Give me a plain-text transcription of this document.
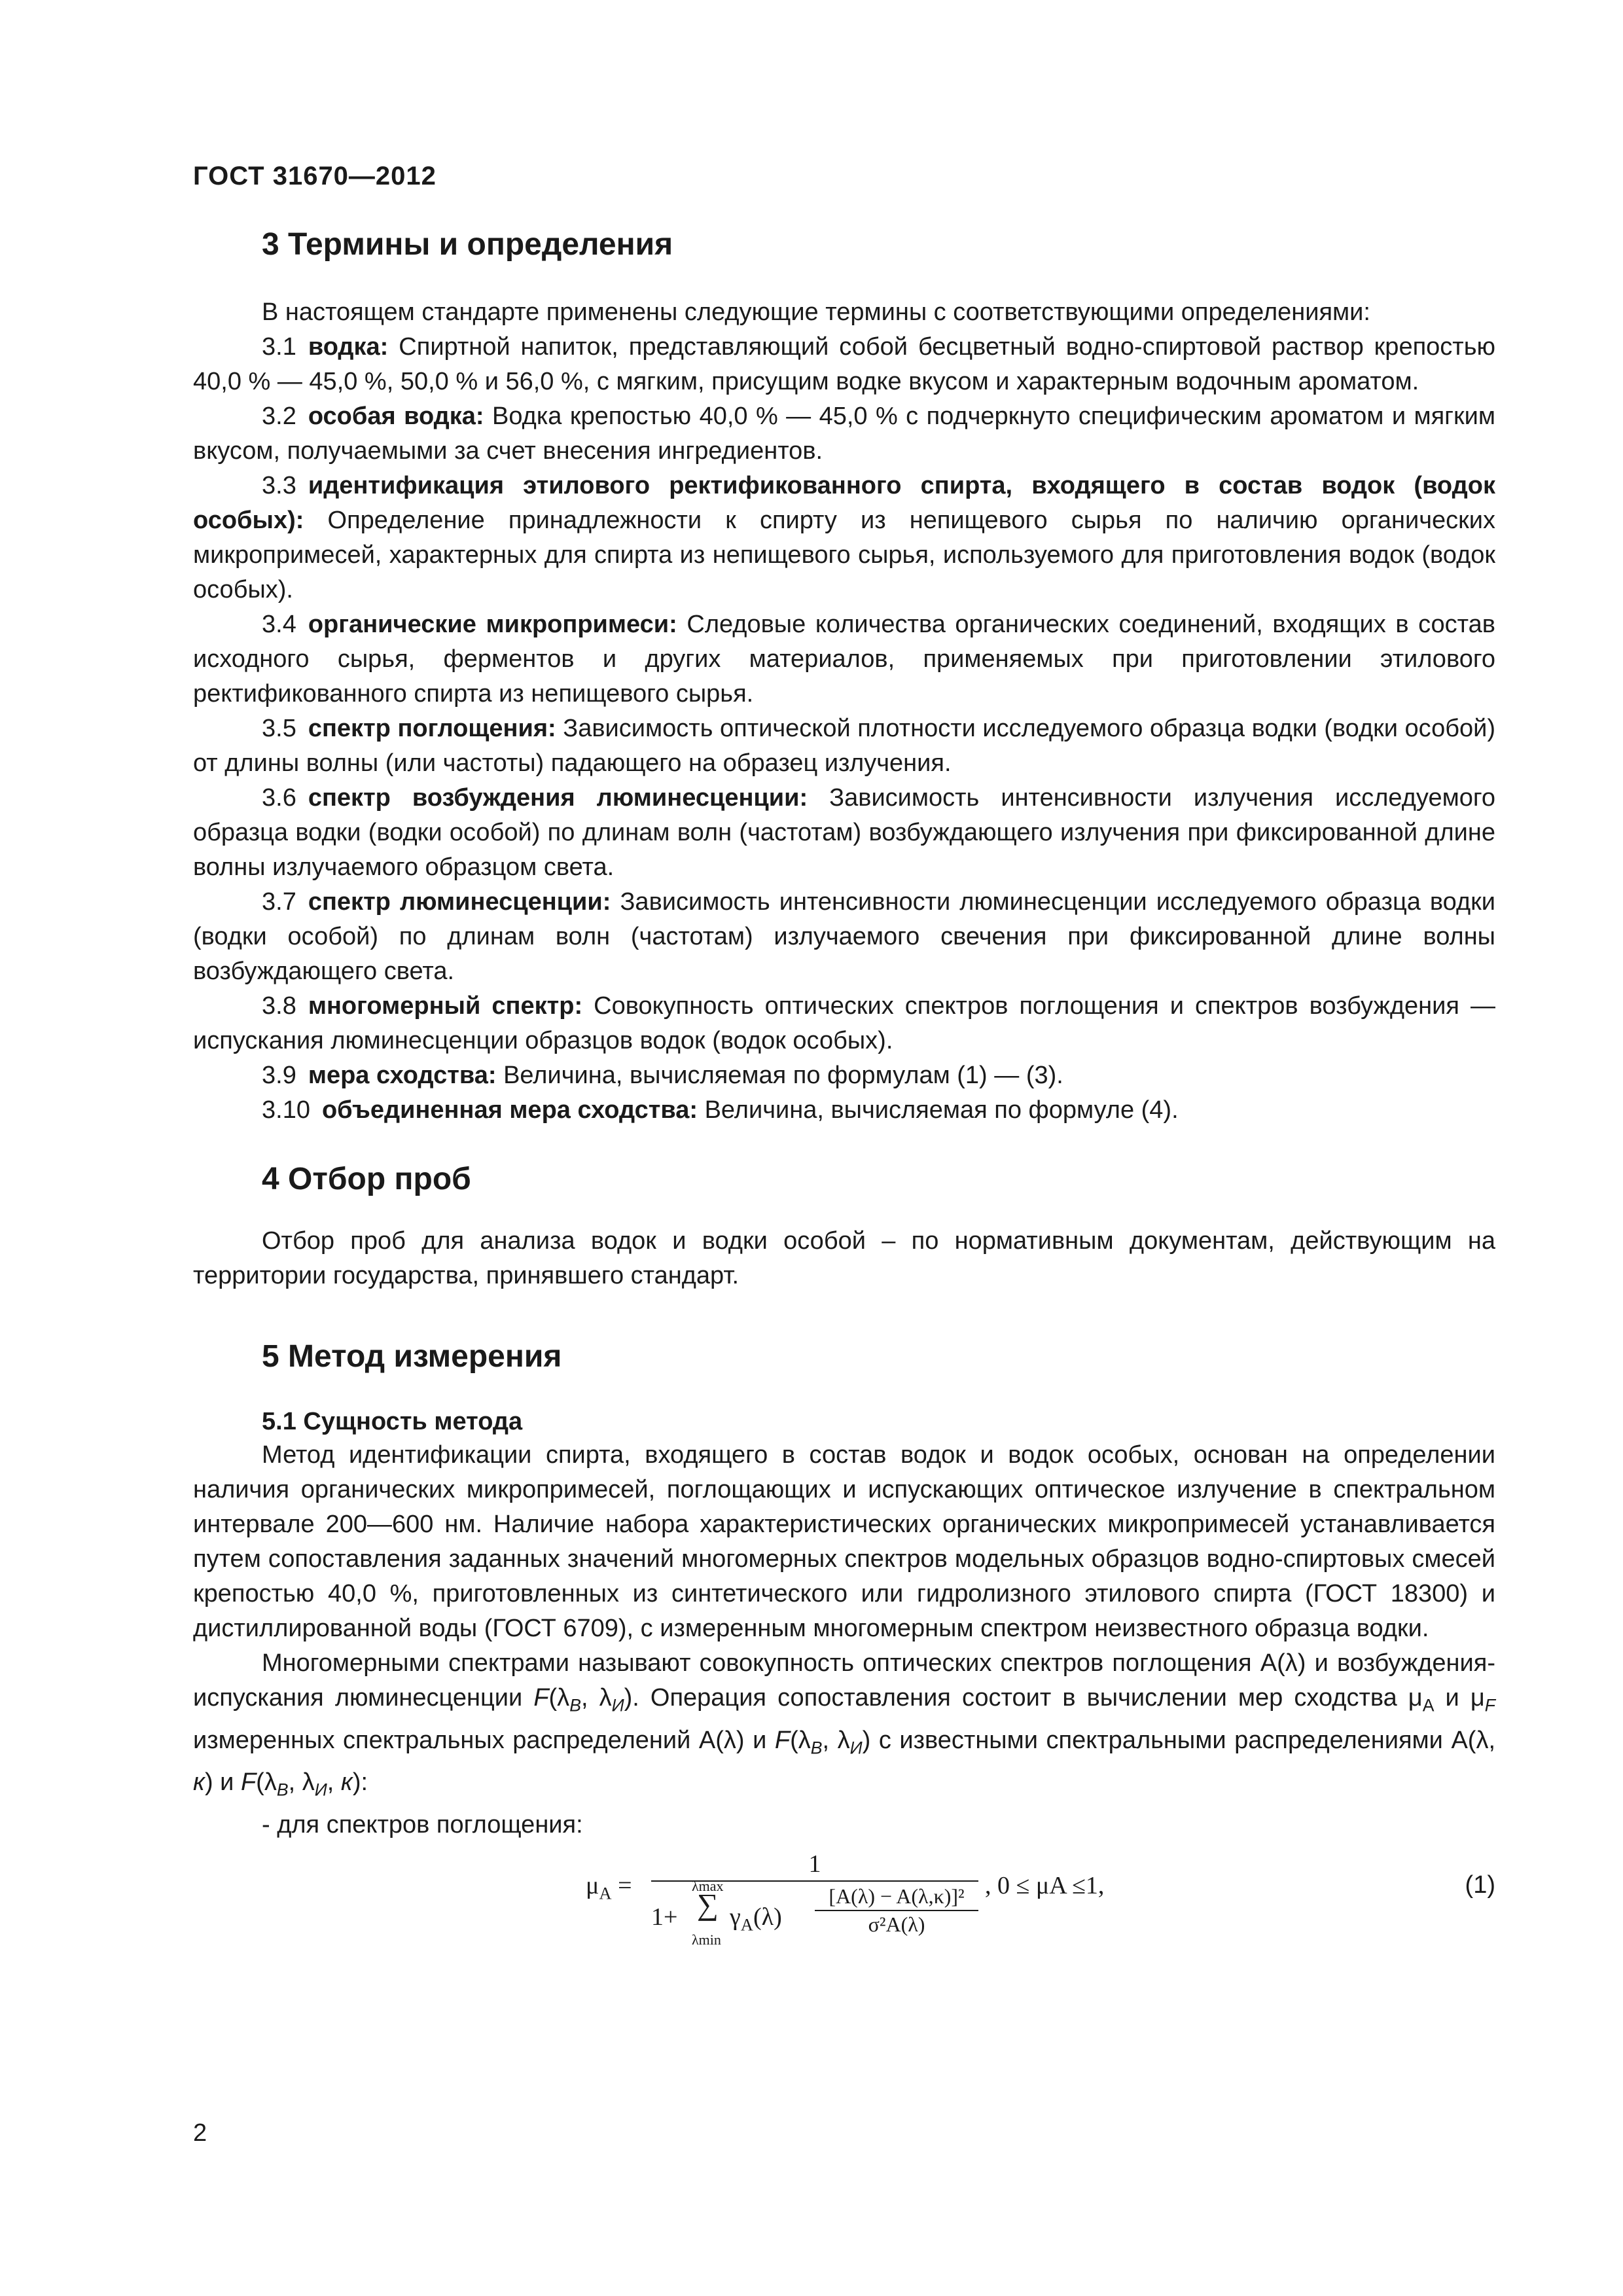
ГОСТ 31670—2012
3 Термины и определения

В настоящем стандарте применены следующие термины с соответствующими определениями:

3.1 водка: Спиртной напиток, представляющий собой бесцветный водно-спиртовой раствор крепостью 40,0 % — 45,0 %, 50,0 % и 56,0 %, с мягким, присущим водке вкусом и характерным водочным ароматом.

3.2 особая водка: Водка крепостью 40,0 % — 45,0 % с подчеркнуто специфическим ароматом и мягким вкусом, получаемыми за счет внесения ингредиентов.

3.3 идентификация этилового ректификованного спирта, входящего в состав водок (водок особых): Определение принадлежности к спирту из непищевого сырья по наличию органических микропримесей, характерных для спирта из непищевого сырья, используемого для приготовления водок (водок особых).

3.4 органические микропримеси: Следовые количества органических соединений, входящих в состав исходного сырья, ферментов и других материалов, применяемых при приготовлении этилового ректификованного спирта из непищевого сырья.

3.5 спектр поглощения: Зависимость оптической плотности исследуемого образца водки (водки особой) от длины волны (или частоты) падающего на образец излучения.

3.6 спектр возбуждения люминесценции: Зависимость интенсивности излучения исследуемого образца водки (водки особой) по длинам волн (частотам) возбуждающего излучения при фиксированной длине волны излучаемого образцом света.

3.7 спектр люминесценции: Зависимость интенсивности люминесценции исследуемого образца водки (водки особой) по длинам волн (частотам) излучаемого свечения при фиксированной длине волны возбуждающего света.

3.8 многомерный спектр: Совокупность оптических спектров поглощения и спектров возбуждения — испускания люминесценции образцов водок (водок особых).

3.9 мера сходства: Величина, вычисляемая по формулам (1) — (3).

3.10 объединенная мера сходства: Величина, вычисляемая по формуле (4).

4 Отбор проб

Отбор проб для анализа водок и водки особой – по нормативным документам, действующим на территории государства, принявшего стандарт.

5 Метод измерения
5.1 Сущность метода

Метод идентификации спирта, входящего в состав водок и водок особых, основан на определении наличия органических микропримесей, поглощающих и испускающих оптическое излучение в спектральном интервале 200—600 нм. Наличие набора характеристических органических микропримесей устанавливается путем сопоставления заданных значений многомерных спектров модельных образцов водно-спиртовых смесей крепостью 40,0 %, приготовленных из синтетического или гидролизного этилового спирта (ГОСТ 18300) и дистиллированной воды (ГОСТ 6709), с измеренным многомерным спектром неизвестного образца водки.

Многомерными спектрами называют совокупность оптических спектров поглощения А(λ) и возбуждения-испускания люминесценции $F(\lambda_В$, $\lambda_И$). Операция сопоставления состоит в вычислении мер сходства $\mu_A$ и $\mu_F$ измеренных спектральных распределений А(λ) и $F(\lambda_В$, $\lambda_И$) с известными спектральными распределениями А(λ, к) и $F(\lambda_В$, $\lambda_И$, к):

- для спектров поглощения:

$\mu_A$ =
1
1+
λmax
∑
λmin
$\gamma_A(\lambda)$
[A(λ) − A(λ,κ)]²
σ²A(λ)
, 0 ≤ μA ≤1,	(1)
2
